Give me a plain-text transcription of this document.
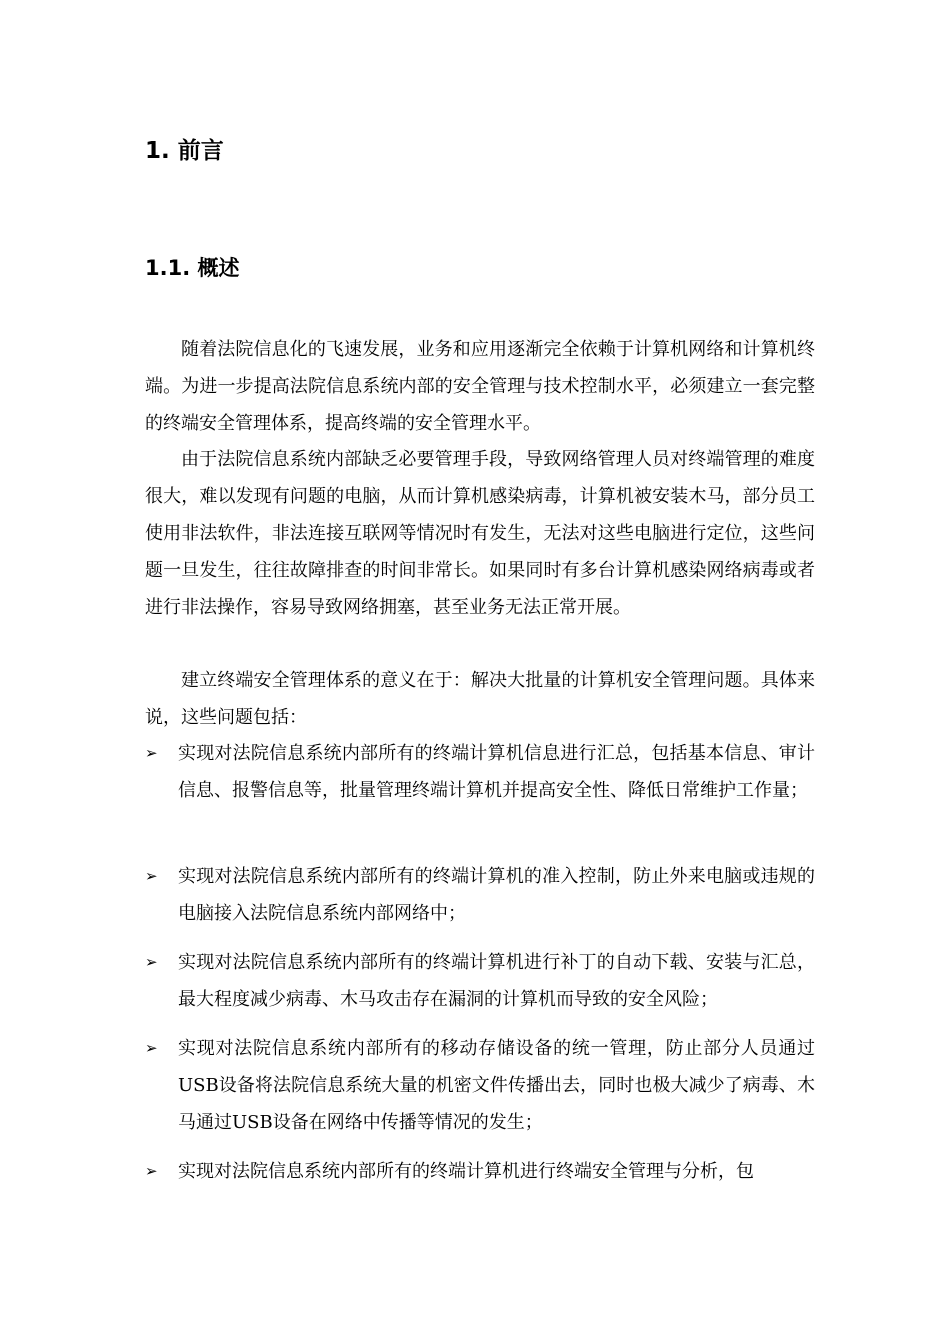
1. 前言
1.1. 概述

随着法院信息化的飞速发展，业务和应用逐渐完全依赖于计算机网络和计算机终端。为进一步提高法院信息系统内部的安全管理与技术控制水平，必须建立一套完整的终端安全管理体系，提高终端的安全管理水平。

由于法院信息系统内部缺乏必要管理手段，导致网络管理人员对终端管理的难度很大，难以发现有问题的电脑，从而计算机感染病毒，计算机被安装木马，部分员工使用非法软件，非法连接互联网等情况时有发生，无法对这些电脑进行定位，这些问题一旦发生，往往故障排查的时间非常长。如果同时有多台计算机感染网络病毒或者进行非法操作，容易导致网络拥塞，甚至业务无法正常开展。

建立终端安全管理体系的意义在于：解决大批量的计算机安全管理问题。具体来说，这些问题包括：

➢	实现对法院信息系统内部所有的终端计算机信息进行汇总，包括基本信息、审计信息、报警信息等，批量管理终端计算机并提高安全性、降低日常维护工作量；
➢	实现对法院信息系统内部所有的终端计算机的准入控制，防止外来电脑或违规的电脑接入法院信息系统内部网络中；
➢	实现对法院信息系统内部所有的终端计算机进行补丁的自动下载、安装与汇总，最大程度减少病毒、木马攻击存在漏洞的计算机而导致的安全风险；
➢	实现对法院信息系统内部所有的移动存储设备的统一管理，防止部分人员通过USB设备将法院信息系统大量的机密文件传播出去，同时也极大减少了病毒、木马通过USB设备在网络中传播等情况的发生；
➢	实现对法院信息系统内部所有的终端计算机进行终端安全管理与分析，包
